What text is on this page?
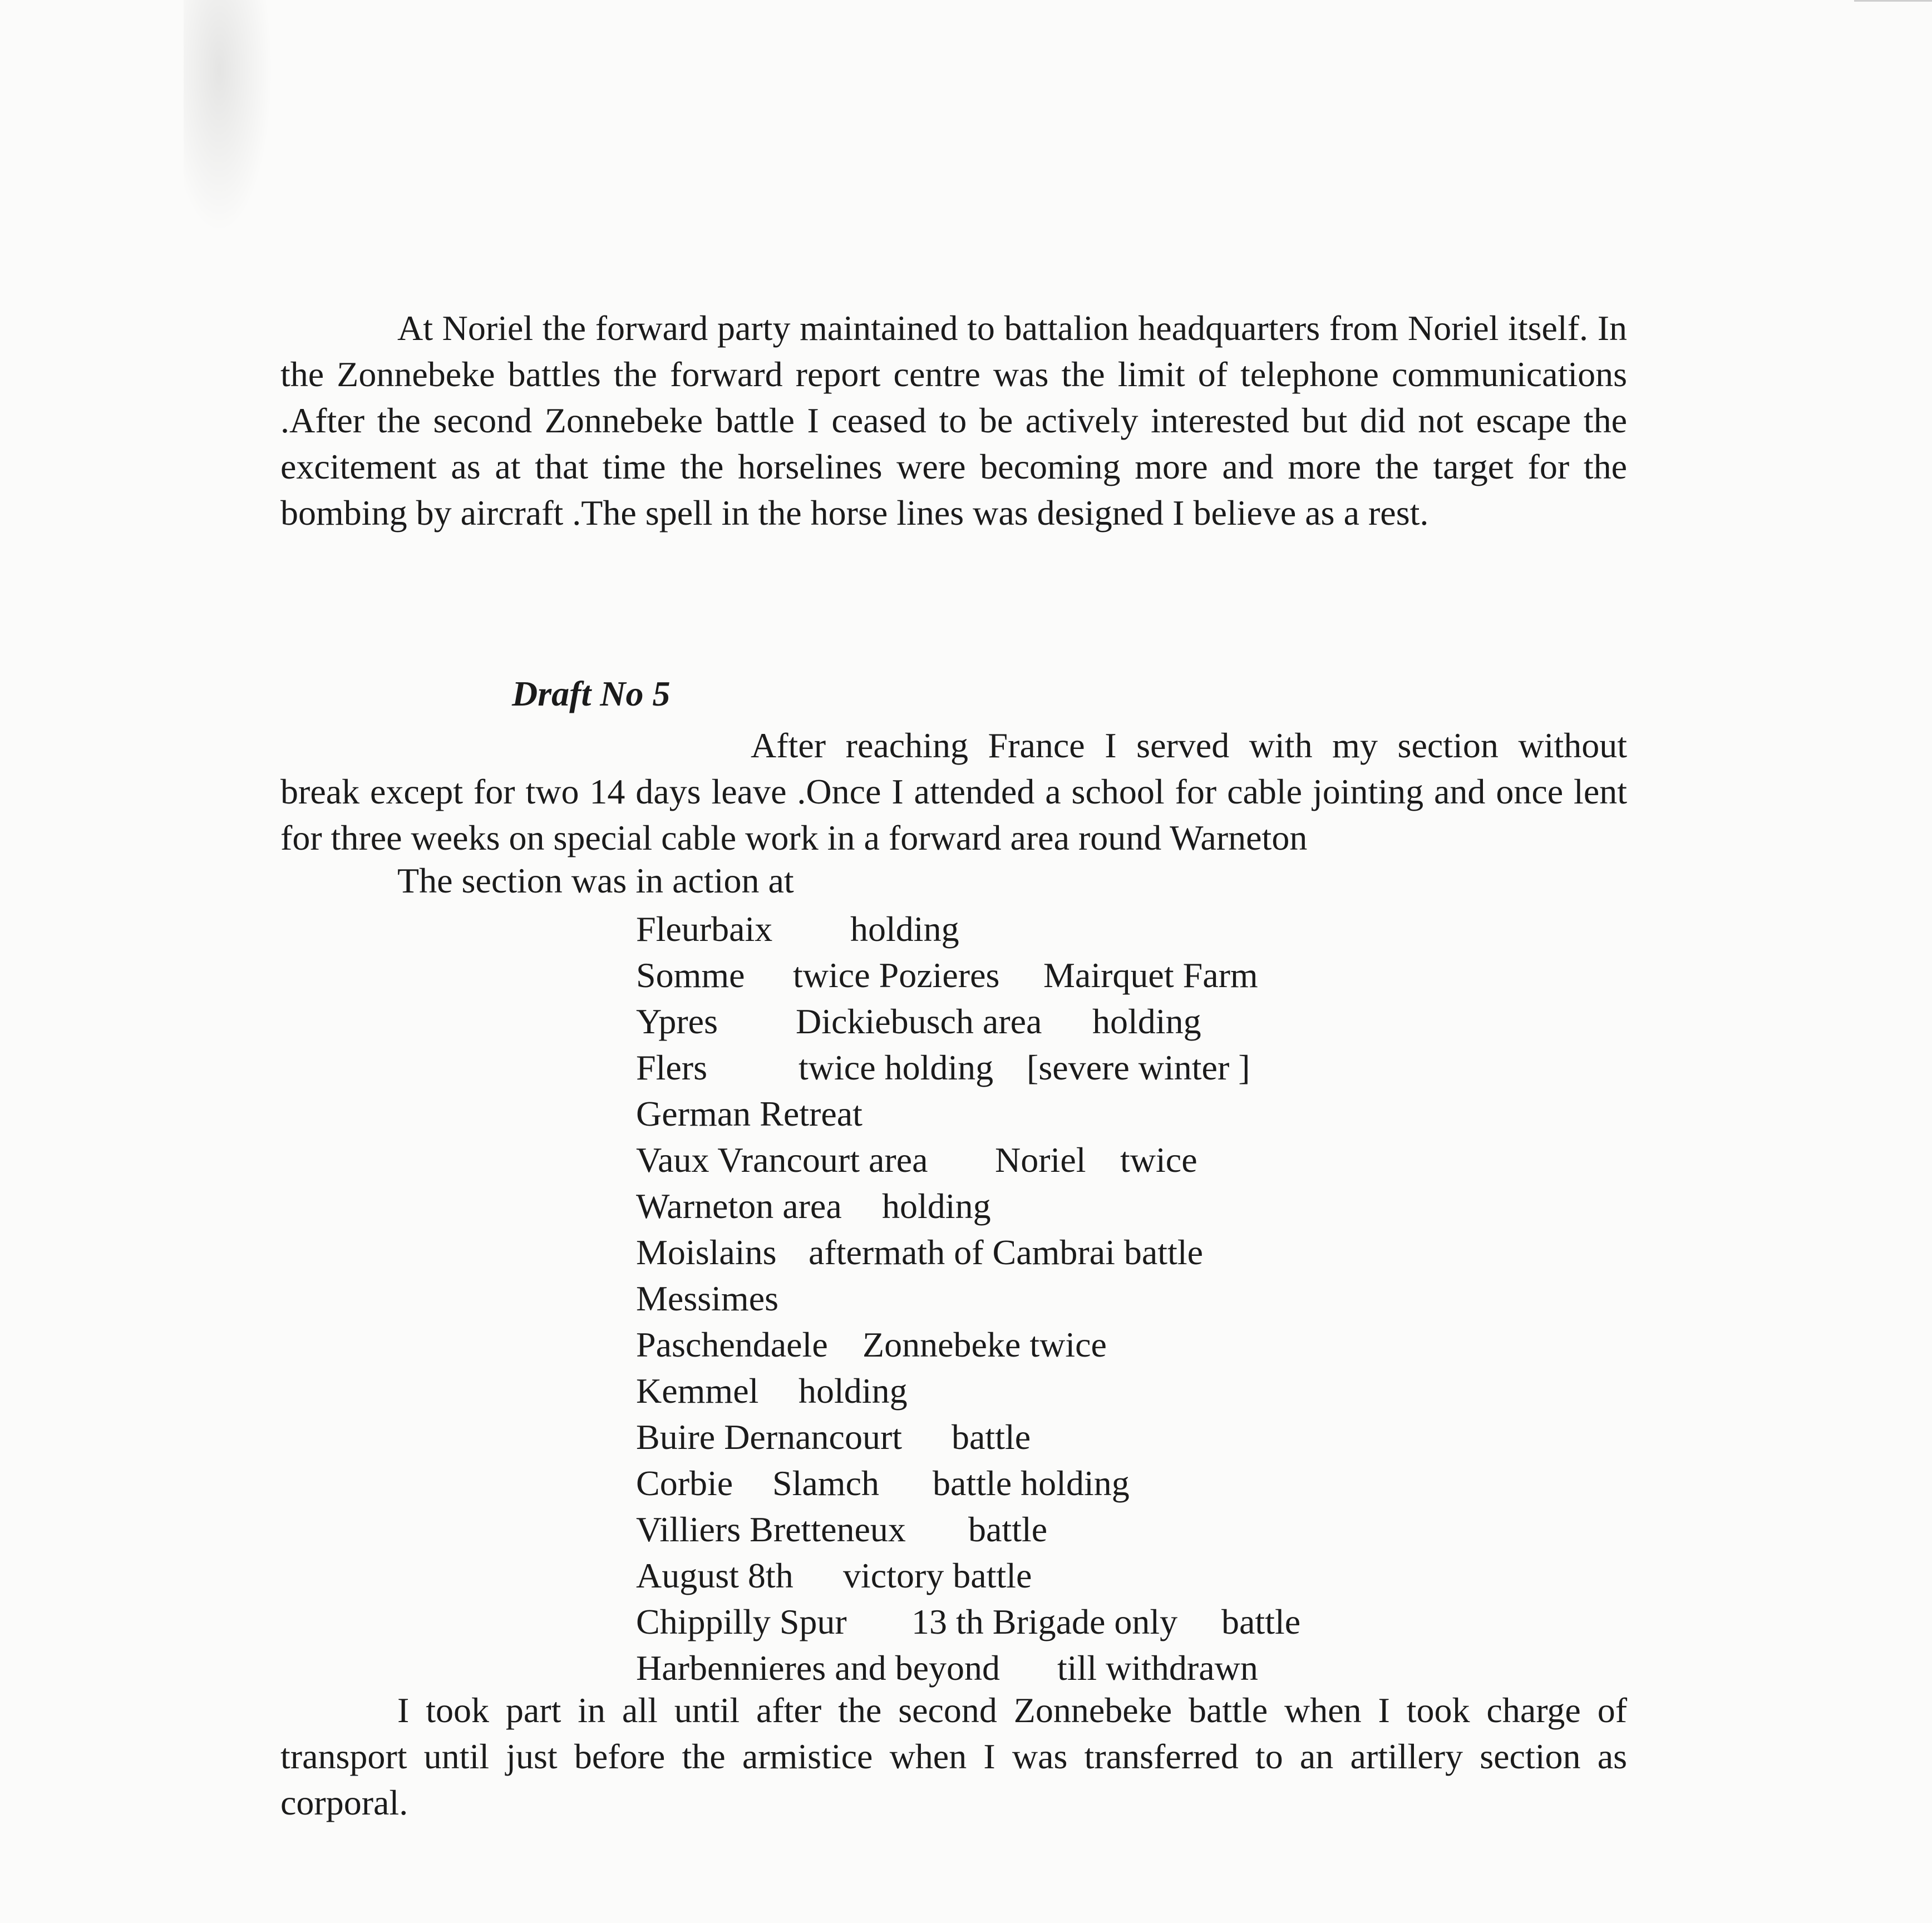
At Noriel the forward party maintained to battalion headquarters from Noriel itself. In the Zonnebeke battles the forward report centre was the limit of telephone communications .After the second Zonnebeke battle I ceased to be actively interested but did not escape the excitement as at that time the horselines were becoming more and more the target for the bombing by aircraft .The spell in the horse lines was designed I believe as a rest.

Draft No 5

After reaching France I served with my section without break except for two 14 days leave .Once I attended a school for cable jointing and once lent for three weeks on special cable work in a forward area round Warneton

The section was in action at

Fleurbaix holding
Somme twice Pozieres Mairquet Farm
Ypres Dickiebusch area holding
Flers	twice holding [severe winter ]
German Retreat
Vaux Vrancourt area Noriel twice
Warneton area holding
Moislains aftermath of Cambrai battle
Messimes
Paschendaele Zonnebeke twice
Kemmel holding
Buire Dernancourt battle
Corbie Slamch battle holding
Villiers Bretteneux battle
August 8th victory battle
Chippilly Spur 13 th Brigade only battle
Harbennieres and beyond till withdrawn

I took part in all until after the second Zonnebeke battle when I took charge of transport until just before the armistice when I was transferred to an artillery section as corporal.
